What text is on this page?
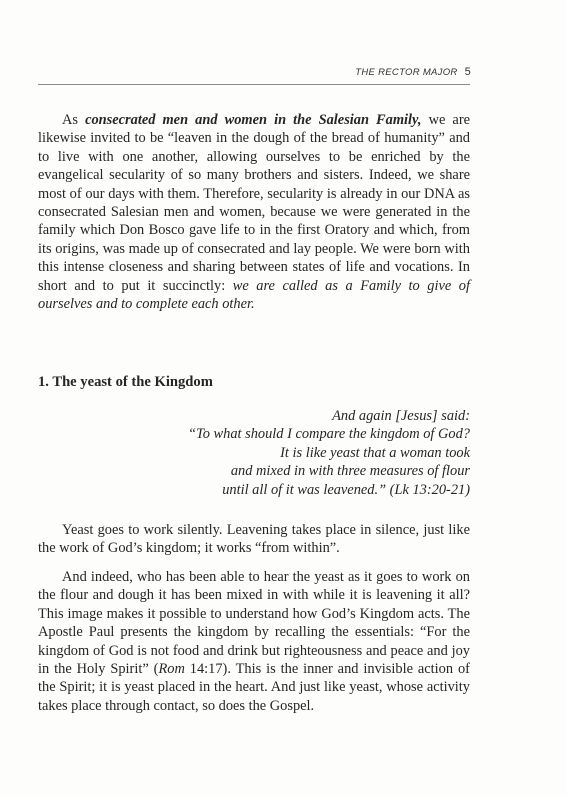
THE RECTOR MAJOR 5

As consecrated men and women in the Salesian Family, we are likewise invited to be “leaven in the dough of the bread of humanity” and to live with one another, allowing ourselves to be enriched by the evangelical secularity of so many brothers and sisters. Indeed, we share most of our days with them. Therefore, secularity is already in our DNA as consecrated Salesian men and women, because we were generated in the family which Don Bosco gave life to in the first Oratory and which, from its origins, was made up of consecrated and lay people. We were born with this intense closeness and sharing between states of life and vocations. In short and to put it succinctly: we are called as a Family to give of ourselves and to complete each other.

1. The yeast of the Kingdom
And again [Jesus] said:
“To what should I compare the kingdom of God?
It is like yeast that a woman took
and mixed in with three measures of flour
until all of it was leavened.” (Lk 13:20-21)

Yeast goes to work silently. Leavening takes place in silence, just like the work of God’s kingdom; it works “from within”.

And indeed, who has been able to hear the yeast as it goes to work on the flour and dough it has been mixed in with while it is leavening it all? This image makes it possible to understand how God’s Kingdom acts. The Apostle Paul presents the kingdom by recalling the essentials: “For the kingdom of God is not food and drink but righteousness and peace and joy in the Holy Spirit” (Rom 14:17). This is the inner and invisible action of the Spirit; it is yeast placed in the heart. And just like yeast, whose activity takes place through contact, so does the Gospel.
